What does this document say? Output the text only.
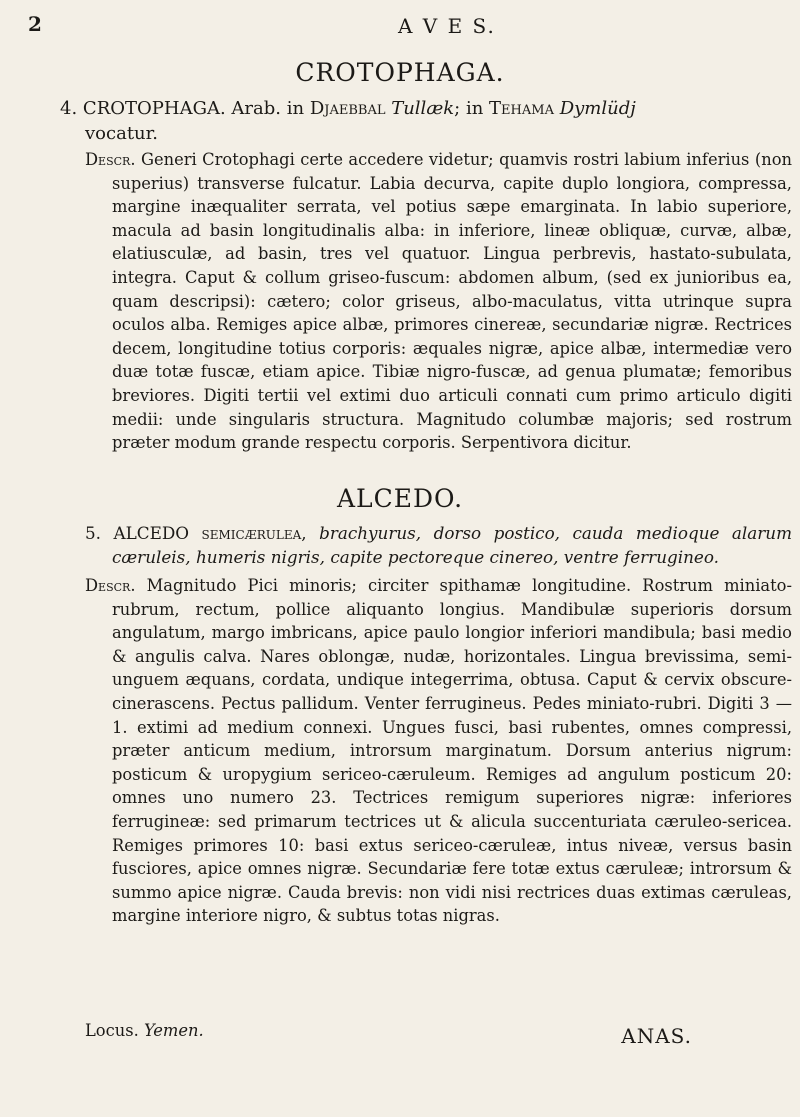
2	A V E S.
CROTOPHAGA.
4. CROTOPHAGA. Arab. in Djaebbal Tullæk; in Tehama Dymlüdj
vocatur.
Descr. Generi Crotophagi certe accedere videtur; quamvis rostri labium inferius (non superius) transverse fulcatur. Labia decurva, capite duplo longiora, compressa, margine inæqualiter serrata, vel potius sæpe emarginata. In labio superiore, macula ad basin longitudinalis alba: in inferiore, lineæ obliquæ, curvæ, albæ, elatiusculæ, ad basin, tres vel quatuor. Lingua perbrevis, hastato-subulata, integra. Caput & collum griseo-fuscum: abdomen album, (sed ex junioribus ea, quam descripsi): cætero; color griseus, albo-maculatus, vitta utrinque supra oculos alba. Remiges apice albæ, primores cinereæ, secundariæ nigræ. Rectrices decem, longitudine totius corporis: æquales nigræ, apice albæ, intermediæ vero duæ totæ fuscæ, etiam apice. Tibiæ nigro-fuscæ, ad genua plumatæ; femoribus breviores. Digiti tertii vel extimi duo articuli connati cum primo articulo digiti medii: unde singularis structura. Magnitudo columbæ majoris; sed rostrum præter modum grande respectu corporis. Serpentivora dicitur.
ALCEDO.
5. ALCEDO semicærulea, brachyurus, dorso postico, cauda medioque alarum cæruleis, humeris nigris, capite pectoreque cinereo, ventre ferrugineo.
Descr. Magnitudo Pici minoris; circiter spithamæ longitudine. Rostrum miniato-rubrum, rectum, pollice aliquanto longius. Mandibulæ superioris dorsum angulatum, margo imbricans, apice paulo longior inferiori mandibula; basi medio & angulis calva. Nares oblongæ, nudæ, horizontales. Lingua brevissima, semi-unguem æquans, cordata, undique integerrima, obtusa. Caput & cervix obscure-cinerascens. Pectus pallidum. Venter ferrugineus. Pedes miniato-rubri. Digiti 3 — 1. extimi ad medium connexi. Ungues fusci, basi rubentes, omnes compressi, præter anticum medium, introrsum marginatum. Dorsum anterius nigrum: posticum & uropygium sericeo-cæruleum. Remiges ad angulum posticum 20: omnes uno numero 23. Tectrices remigum superiores nigræ: inferiores ferrugineæ: sed primarum tectrices ut & alicula succenturiata cæruleo-sericea. Remiges primores 10: basi extus sericeo-cæruleæ, intus niveæ, versus basin fusciores, apice omnes nigræ. Secundariæ fere totæ extus cæruleæ; introrsum & summo apice nigræ. Cauda brevis: non vidi nisi rectrices duas extimas cæruleas, margine interiore nigro, & subtus totas nigras.
Locus. Yemen.	ANAS.
